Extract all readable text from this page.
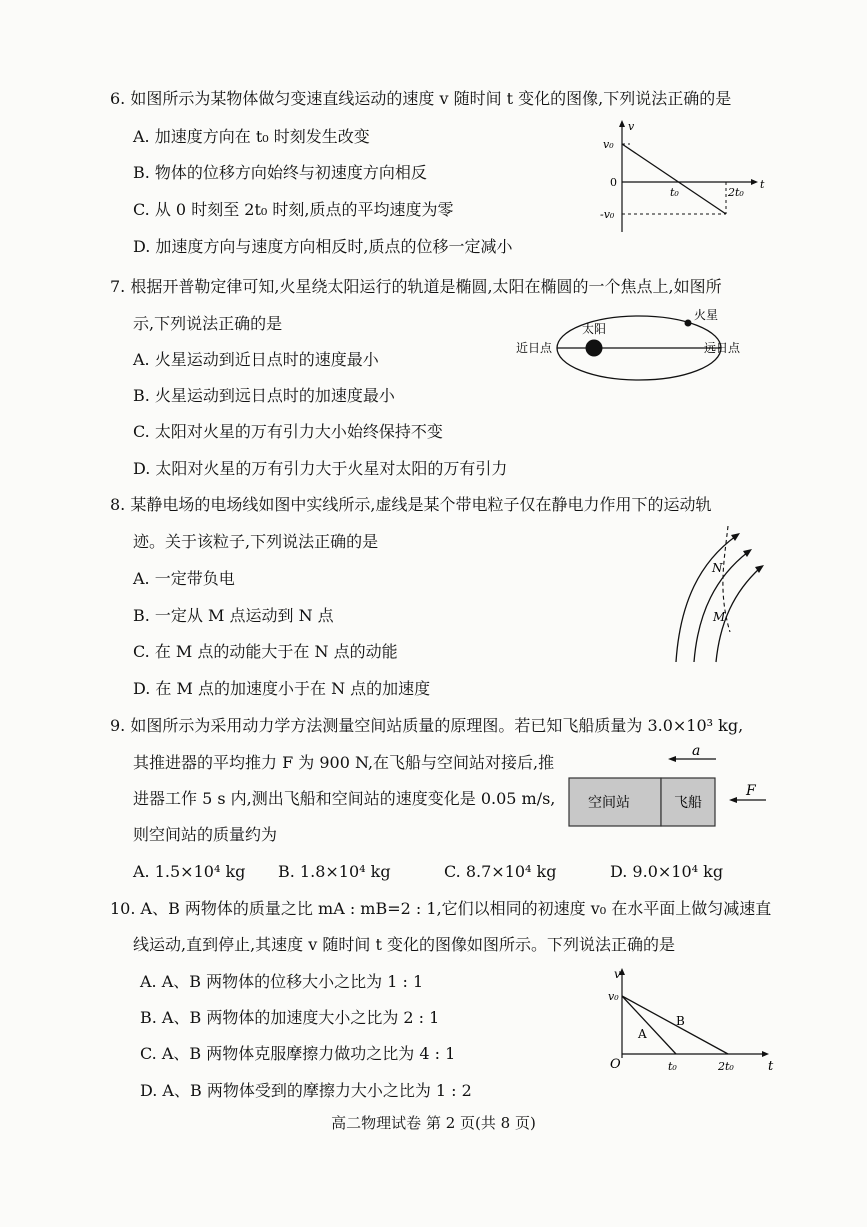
6. 如图所示为某物体做匀变速直线运动的速度 v 随时间 t 变化的图像,下列说法正确的是
A. 加速度方向在 t₀ 时刻发生改变
B. 物体的位移方向始终与初速度方向相反
C. 从 0 时刻至 2t₀ 时刻,质点的平均速度为零
D. 加速度方向与速度方向相反时,质点的位移一定减小
v
t
v₀
0
t₀	2t₀
-v₀
7. 根据开普勒定律可知,火星绕太阳运行的轨道是椭圆,太阳在椭圆的一个焦点上,如图所
示,下列说法正确的是
A. 火星运动到近日点时的速度最小
B. 火星运动到远日点时的加速度最小
C. 太阳对火星的万有引力大小始终保持不变
D. 太阳对火星的万有引力大于火星对太阳的万有引力
太阳
火星
近日点	远日点
8. 某静电场的电场线如图中实线所示,虚线是某个带电粒子仅在静电力作用下的运动轨
迹。关于该粒子,下列说法正确的是
A. 一定带负电
B. 一定从 M 点运动到 N 点
C. 在 M 点的动能大于在 N 点的动能
D. 在 M 点的加速度小于在 N 点的加速度
N
M
9. 如图所示为采用动力学方法测量空间站质量的原理图。若已知飞船质量为 3.0×10³ kg,
其推进器的平均推力 F 为 900 N,在飞船与空间站对接后,推
进器工作 5 s 内,测出飞船和空间站的速度变化是 0.05 m/s,
则空间站的质量约为
A. 1.5×10⁴ kg B. 1.8×10⁴ kg	C. 8.7×10⁴ kg	D. 9.0×10⁴ kg
a
空间站	飞船
F
10. A、B 两物体的质量之比 mA : mB=2 : 1,它们以相同的初速度 v₀ 在水平面上做匀减速直
线运动,直到停止,其速度 v 随时间 t 变化的图像如图所示。下列说法正确的是
A. A、B 两物体的位移大小之比为 1 : 1
B. A、B 两物体的加速度大小之比为 2 : 1
C. A、B 两物体克服摩擦力做功之比为 4 : 1
D. A、B 两物体受到的摩擦力大小之比为 1 : 2
v
t
v₀
O	t₀	2t₀
A
B
高二物理试卷 第 2 页(共 8 页)
